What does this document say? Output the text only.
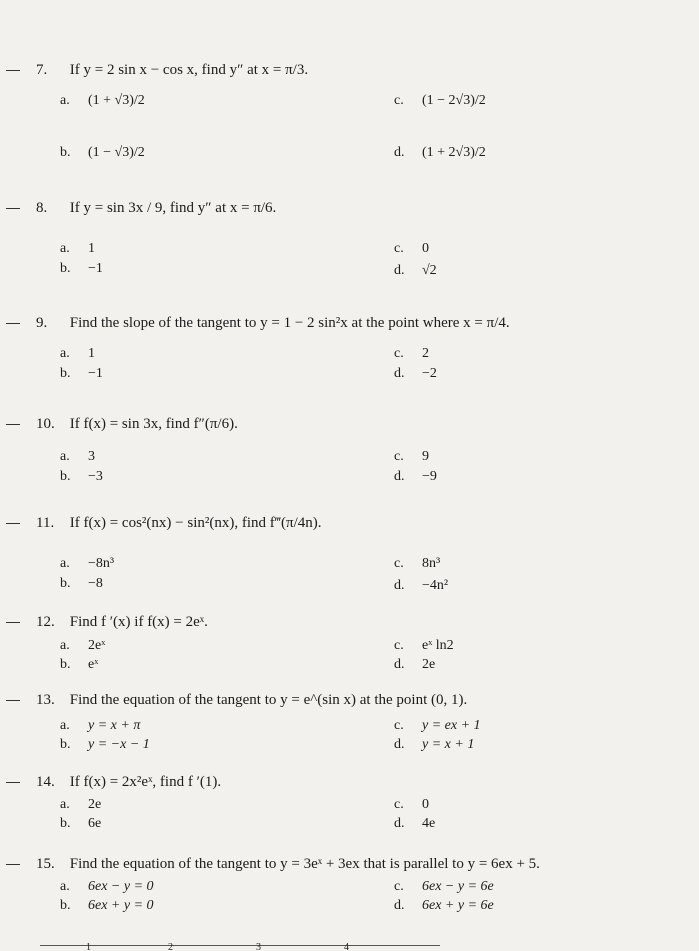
7. If y = 2 sin x − cos x, find y″ at x = π/3.
a. (1 + √3)/2
b. (1 − √3)/2
c. (1 − 2√3)/2
d. (1 + 2√3)/2
8. If y = sin 3x / 9, find y″ at x = π/6.
a. 1
b. −1
c. 0
d. √2
9. Find the slope of the tangent to y = 1 − 2 sin²x at the point where x = π/4.
a. 1
b. −1
c. 2
d. −2
10. If f(x) = sin 3x, find f″(π/6).
a. 3
b. −3
c. 9
d. −9
11. If f(x) = cos²(nx) − sin²(nx), find f‴(π/4n).
a. −8n³
b. −8
c. 8n³
d. −4n²
12. Find f ′(x) if f(x) = 2eˣ.
a. 2eˣ
b. eˣ
c. eˣ ln2
d. 2e
13. Find the equation of the tangent to y = e^(sin x) at the point (0, 1).
a. y = x + π
b. y = −x − 1
c. y = ex + 1
d. y = x + 1
14. If f(x) = 2x²eˣ, find f ′(1).
a. 2e
b. 6e
c. 0
d. 4e
15. Find the equation of the tangent to y = 3eˣ + 3ex that is parallel to y = 6ex + 5.
a. 6ex − y = 0
b. 6ex + y = 0
c. 6ex − y = 6e
d. 6ex + y = 6e
1	2	3	4
